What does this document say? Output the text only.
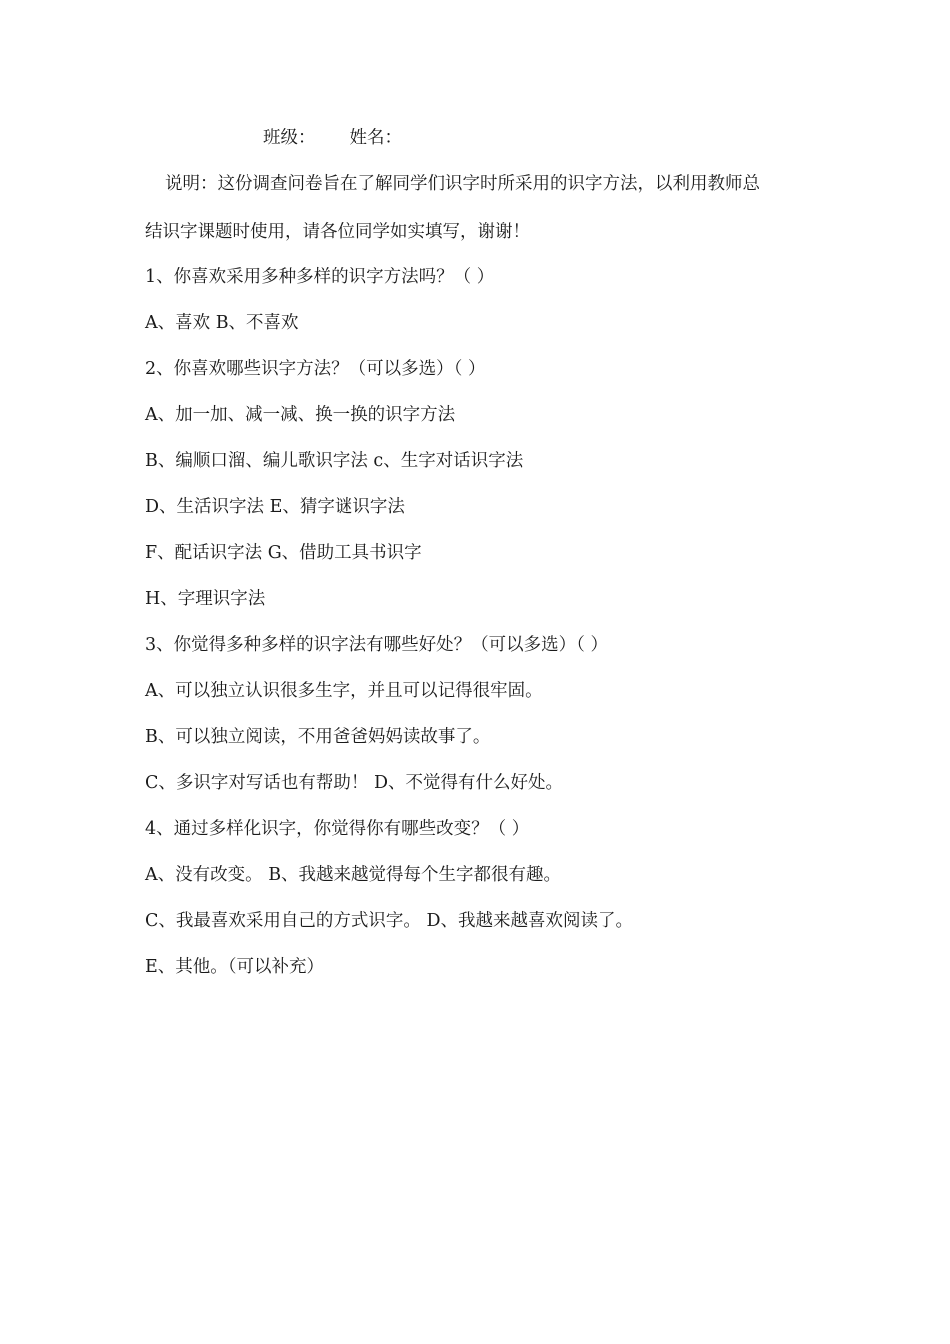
班级： 姓名：
说明：这份调查问卷旨在了解同学们识字时所采用的识字方法，以利用教师总
结识字课题时使用，请各位同学如实填写，谢谢！
1、你喜欢采用多种多样的识字方法吗？（ ）
A、喜欢 B、不喜欢
2、你喜欢哪些识字方法？（可以多选）（ ）
A、加一加、减一减、换一换的识字方法
B、编顺口溜、编儿歌识字法 c、生字对话识字法
D、生活识字法 E、猜字谜识字法
F、配话识字法 G、借助工具书识字
H、字理识字法
3、你觉得多种多样的识字法有哪些好处？（可以多选）（ ）
A、可以独立认识很多生字，并且可以记得很牢固。
B、可以独立阅读，不用爸爸妈妈读故事了。
C、多识字对写话也有帮助！ D、不觉得有什么好处。
4、通过多样化识字，你觉得你有哪些改变？（ ）
A、没有改变。 B、我越来越觉得每个生字都很有趣。
C、我最喜欢采用自己的方式识字。 D、我越来越喜欢阅读了。
E、其他。（可以补充）
